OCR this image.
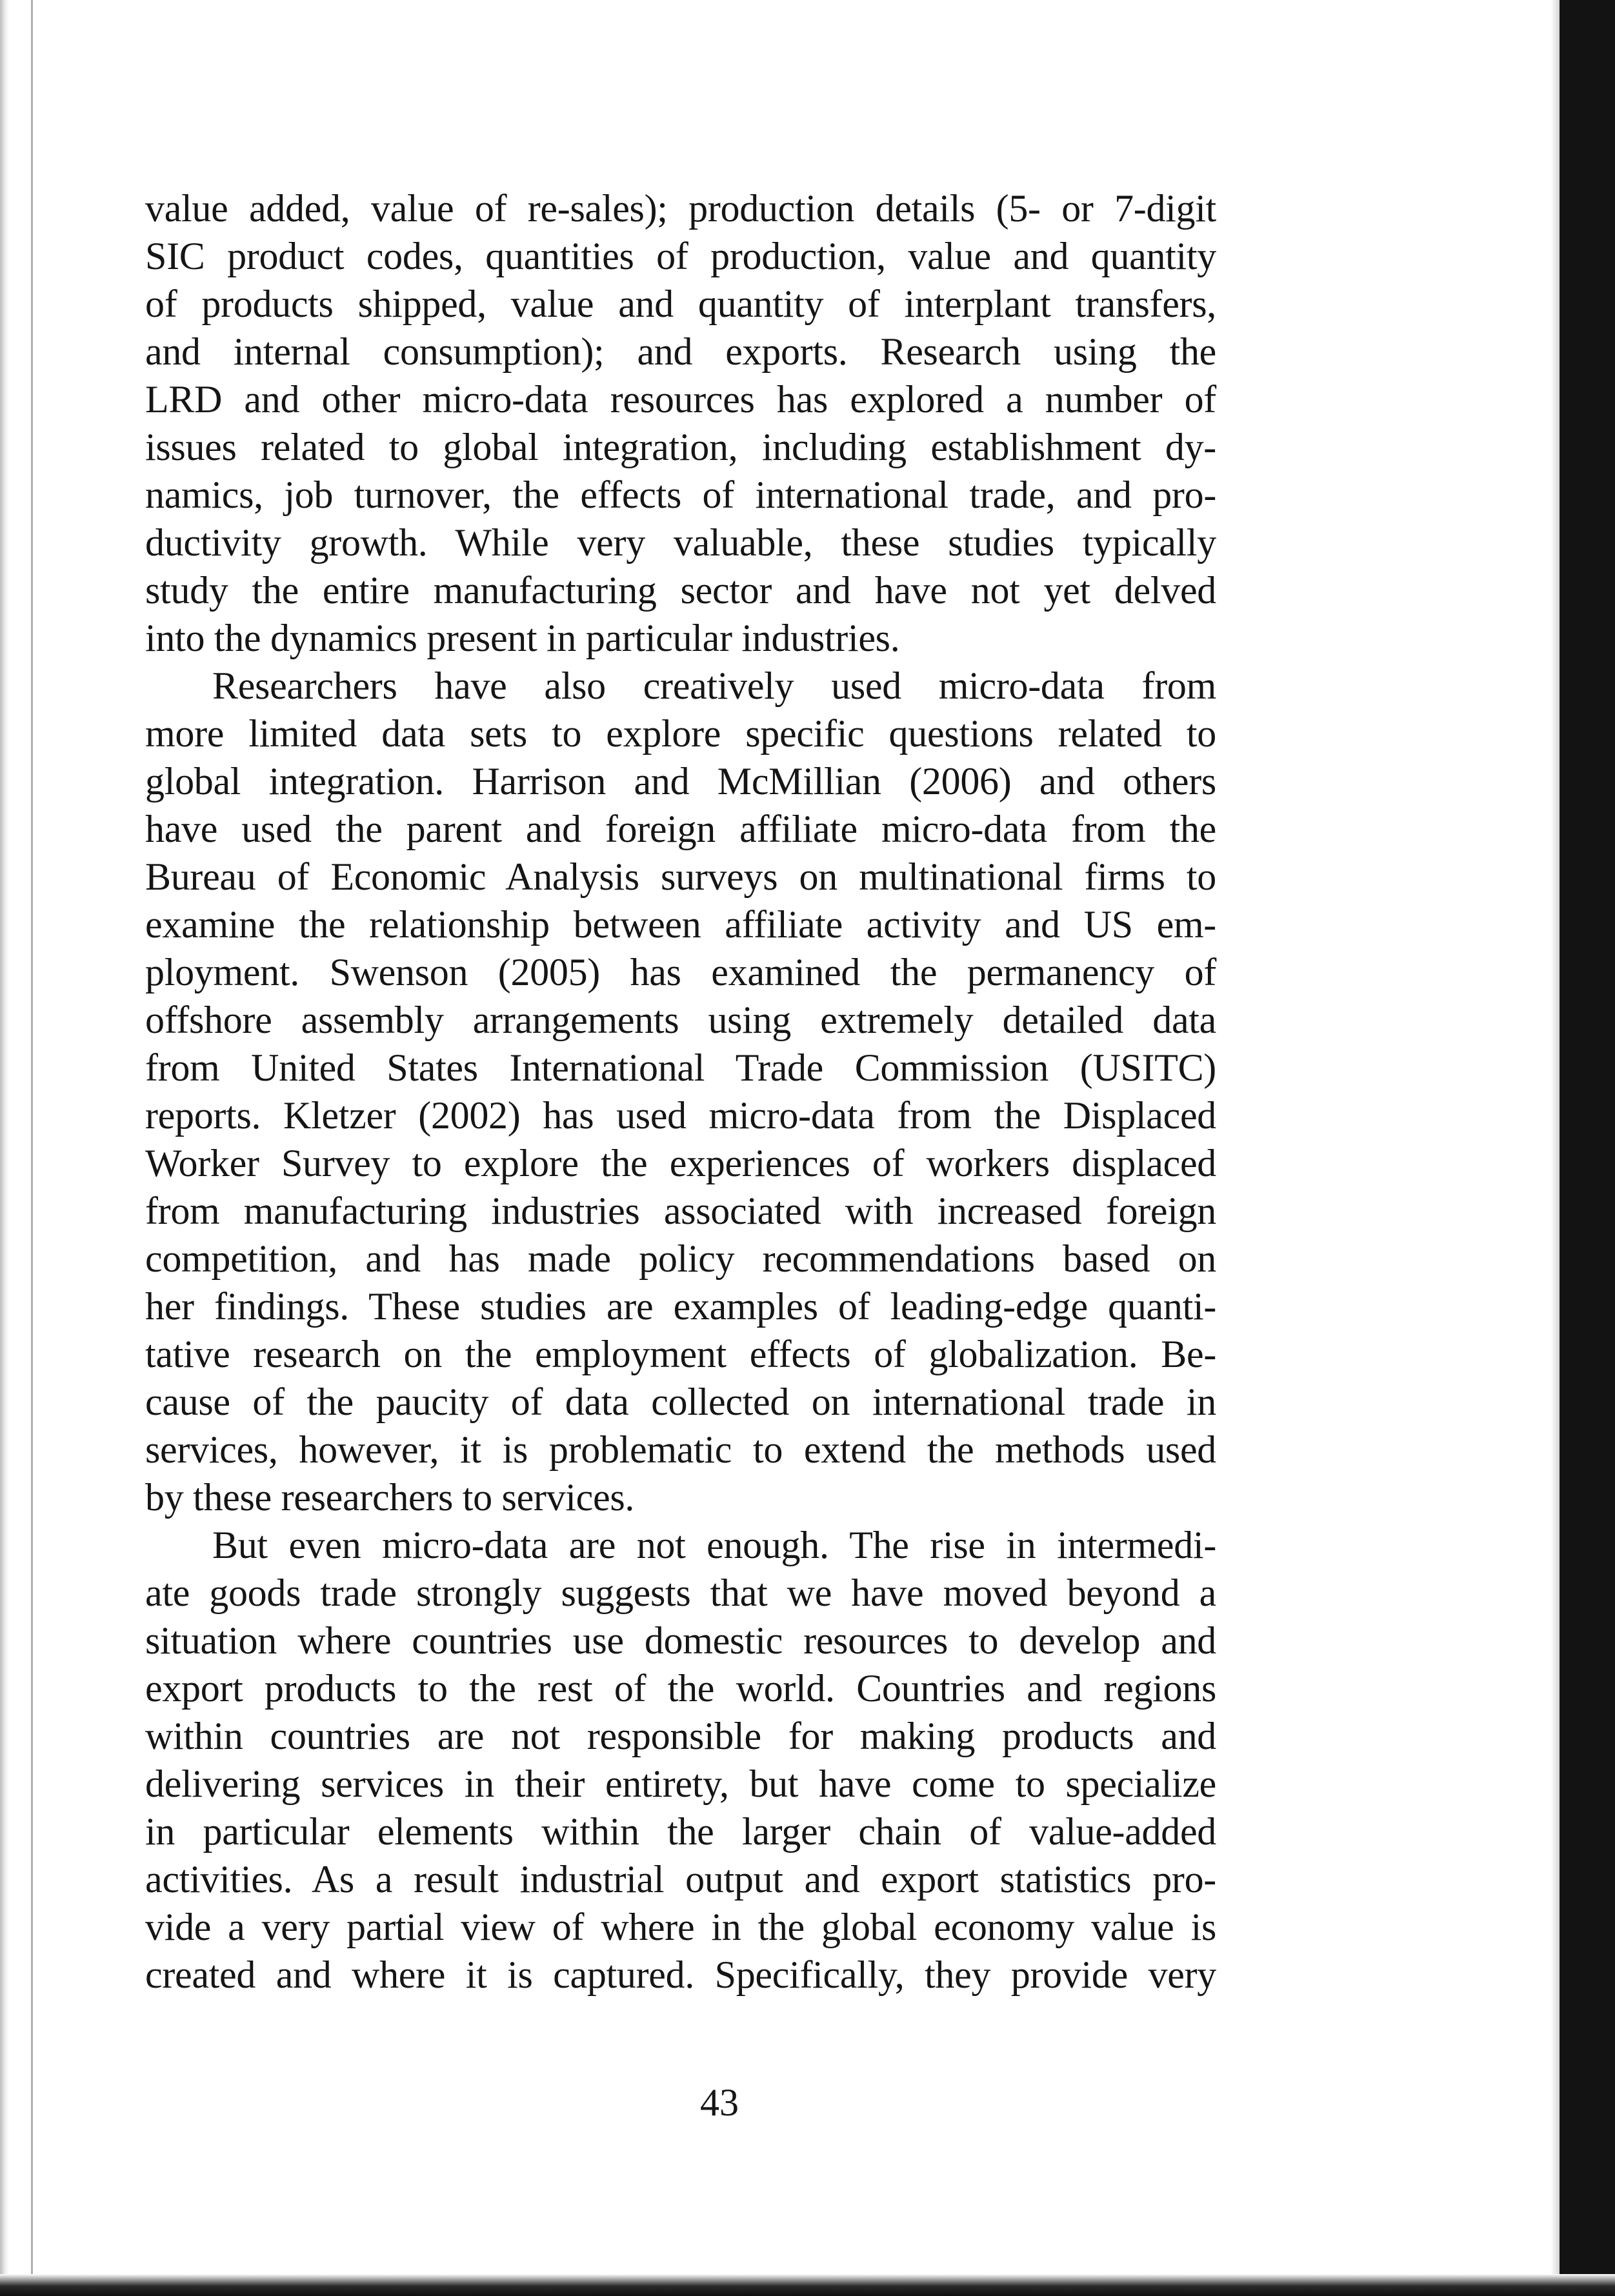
value added, value of re-sales); production details (5- or 7-digit
SIC product codes, quantities of production, value and quantity
of products shipped, value and quantity of interplant transfers,
and internal consumption); and exports. Research using the
LRD and other micro-data resources has explored a number of
issues related to global integration, including establishment dy-
namics, job turnover, the effects of international trade, and pro-
ductivity growth. While very valuable, these studies typically
study the entire manufacturing sector and have not yet delved
into the dynamics present in particular industries.
Researchers have also creatively used micro-data from
more limited data sets to explore specific questions related to
global integration. Harrison and McMillian (2006) and others
have used the parent and foreign affiliate micro-data from the
Bureau of Economic Analysis surveys on multinational firms to
examine the relationship between affiliate activity and US em-
ployment. Swenson (2005) has examined the permanency of
offshore assembly arrangements using extremely detailed data
from United States International Trade Commission (USITC)
reports. Kletzer (2002) has used micro-data from the Displaced
Worker Survey to explore the experiences of workers displaced
from manufacturing industries associated with increased foreign
competition, and has made policy recommendations based on
her findings. These studies are examples of leading-edge quanti-
tative research on the employment effects of globalization. Be-
cause of the paucity of data collected on international trade in
services, however, it is problematic to extend the methods used
by these researchers to services.
But even micro-data are not enough. The rise in intermedi-
ate goods trade strongly suggests that we have moved beyond a
situation where countries use domestic resources to develop and
export products to the rest of the world. Countries and regions
within countries are not responsible for making products and
delivering services in their entirety, but have come to specialize
in particular elements within the larger chain of value-added
activities. As a result industrial output and export statistics pro-
vide a very partial view of where in the global economy value is
created and where it is captured. Specifically, they provide very
43
